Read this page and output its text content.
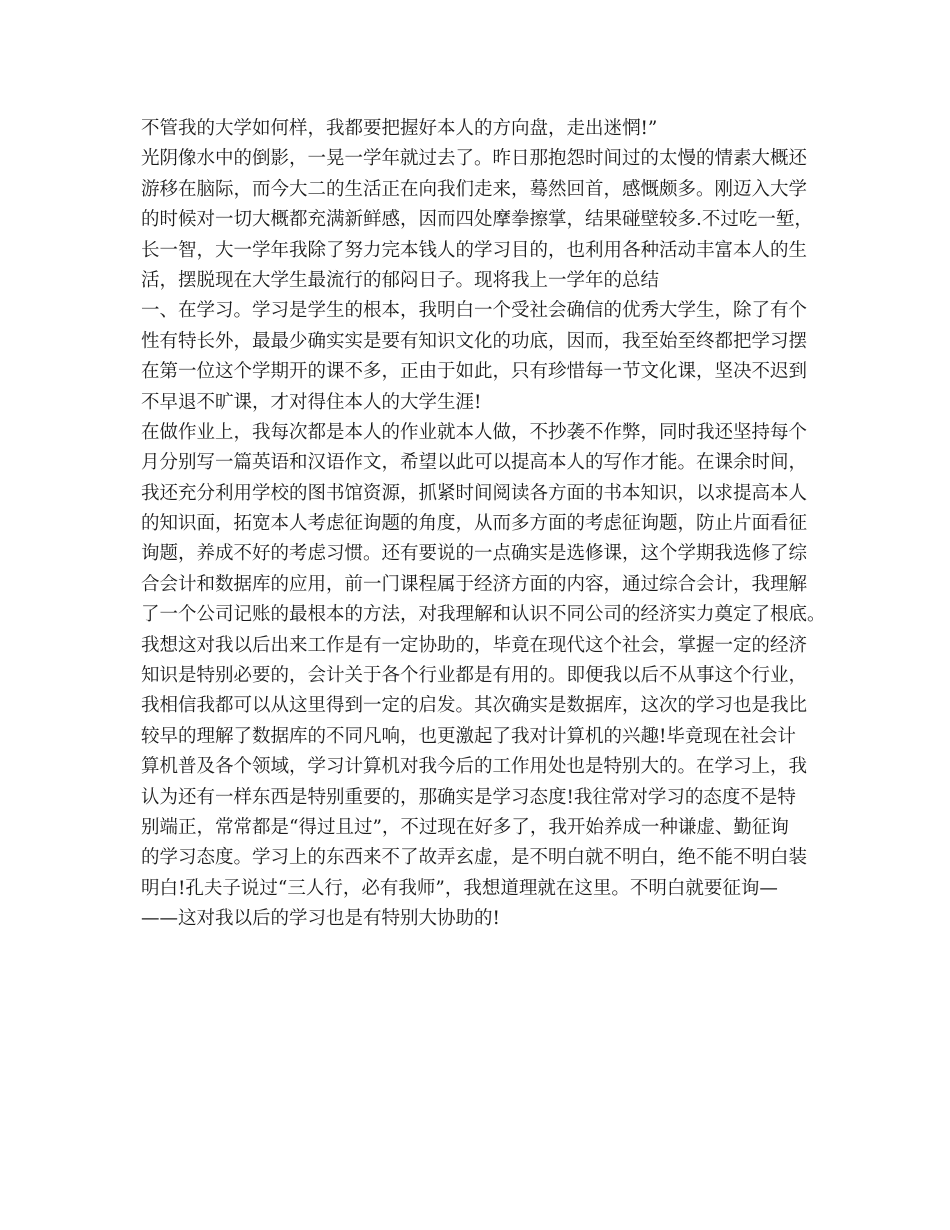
不管我的大学如何样，我都要把握好本人的方向盘，走出迷惘!”
光阴像水中的倒影，一晃一学年就过去了。昨日那抱怨时间过的太慢的情素大概还
游移在脑际，而今大二的生活正在向我们走来，蓦然回首，感慨颇多。刚迈入大学
的时候对一切大概都充满新鲜感，因而四处摩拳擦掌，结果碰壁较多.不过吃一堑，
长一智，大一学年我除了努力完本钱人的学习目的，也利用各种活动丰富本人的生
活，摆脱现在大学生最流行的郁闷日子。现将我上一学年的总结
一、在学习。学习是学生的根本，我明白一个受社会确信的优秀大学生，除了有个
性有特长外，最最少确实实是要有知识文化的功底，因而，我至始至终都把学习摆
在第一位这个学期开的课不多，正由于如此，只有珍惜每一节文化课，坚决不迟到
不早退不旷课，才对得住本人的大学生涯!
在做作业上，我每次都是本人的作业就本人做，不抄袭不作弊，同时我还坚持每个
月分别写一篇英语和汉语作文，希望以此可以提高本人的写作才能。在课余时间，
我还充分利用学校的图书馆资源，抓紧时间阅读各方面的书本知识，以求提高本人
的知识面，拓宽本人考虑征询题的角度，从而多方面的考虑征询题，防止片面看征
询题，养成不好的考虑习惯。还有要说的一点确实是选修课，这个学期我选修了综
合会计和数据库的应用，前一门课程属于经济方面的内容，通过综合会计，我理解
了一个公司记账的最根本的方法，对我理解和认识不同公司的经济实力奠定了根底。
我想这对我以后出来工作是有一定协助的，毕竟在现代这个社会，掌握一定的经济
知识是特别必要的，会计关于各个行业都是有用的。即便我以后不从事这个行业，
我相信我都可以从这里得到一定的启发。其次确实是数据库，这次的学习也是我比
较早的理解了数据库的不同凡响，也更激起了我对计算机的兴趣!毕竟现在社会计
算机普及各个领域，学习计算机对我今后的工作用处也是特别大的。在学习上，我
认为还有一样东西是特别重要的，那确实是学习态度!我往常对学习的态度不是特
别端正，常常都是“得过且过”，不过现在好多了，我开始养成一种谦虚、勤征询
的学习态度。学习上的东西来不了故弄玄虚，是不明白就不明白，绝不能不明白装
明白!孔夫子说过“三人行，必有我师”，我想道理就在这里。不明白就要征询—
——这对我以后的学习也是有特别大协助的!
